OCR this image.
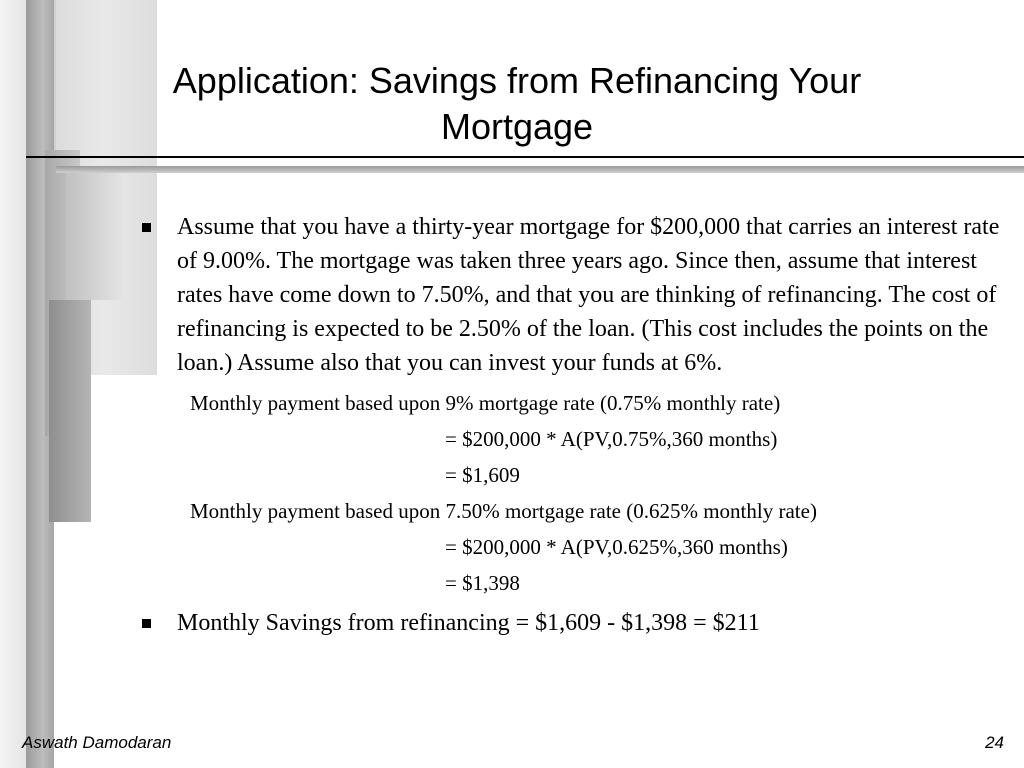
Application: Savings from Refinancing Your
Mortgage
Assume that you have a thirty-year mortgage for $200,000 that carries an interest rate of 9.00%. The mortgage was taken three years ago. Since then, assume that interest rates have come down to 7.50%, and that you are thinking of refinancing. The cost of refinancing is expected to be 2.50% of the loan. (This cost includes the points on the loan.) Assume also that you can invest your funds at 6%.
Monthly payment based upon 9% mortgage rate (0.75% monthly rate)
= $200,000 * A(PV,0.75%,360 months)
= $1,609
Monthly payment based upon 7.50% mortgage rate (0.625% monthly rate)
= $200,000 * A(PV,0.625%,360 months)
= $1,398
Monthly Savings from refinancing = $1,609 - $1,398 = $211
Aswath Damodaran	24
